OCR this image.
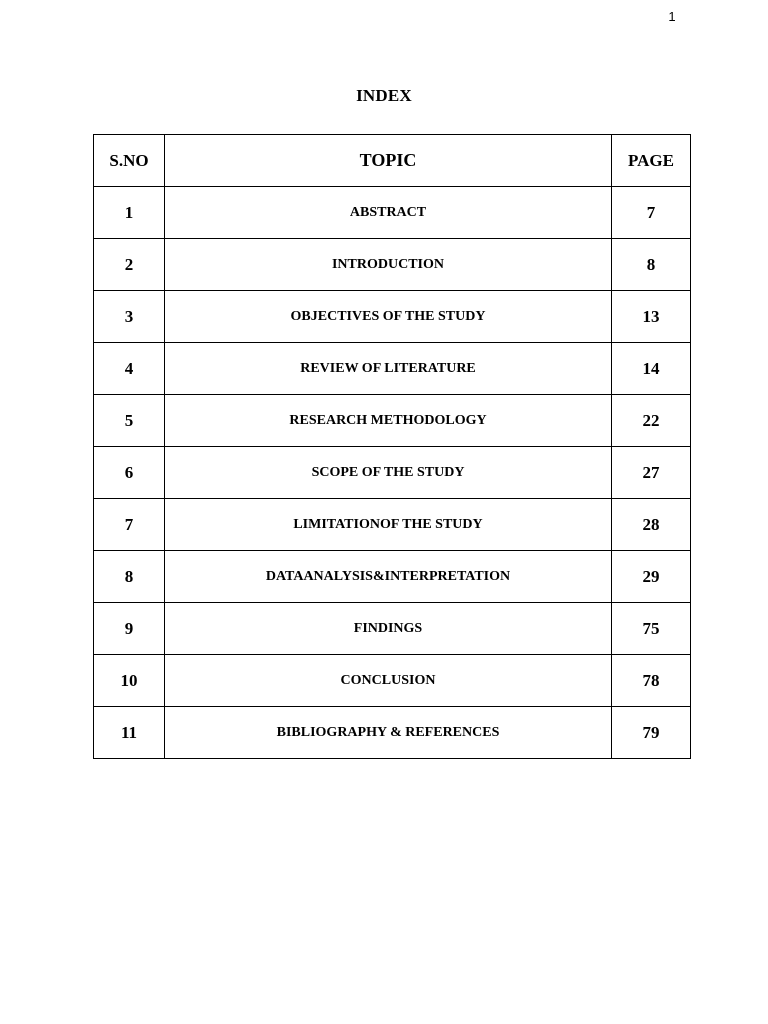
1
INDEX
S.NO	TOPIC	PAGE
1	ABSTRACT	7
2	INTRODUCTION	8
3	OBJECTIVES OF THE STUDY	13
4	REVIEW OF LITERATURE	14
5	RESEARCH METHODOLOGY	22
6	SCOPE OF THE STUDY	27
7	LIMITATIONOF THE STUDY	28
8	DATAANALYSIS&INTERPRETATION	29
9	FINDINGS	75
10	CONCLUSION	78
11	BIBLIOGRAPHY & REFERENCES	79
